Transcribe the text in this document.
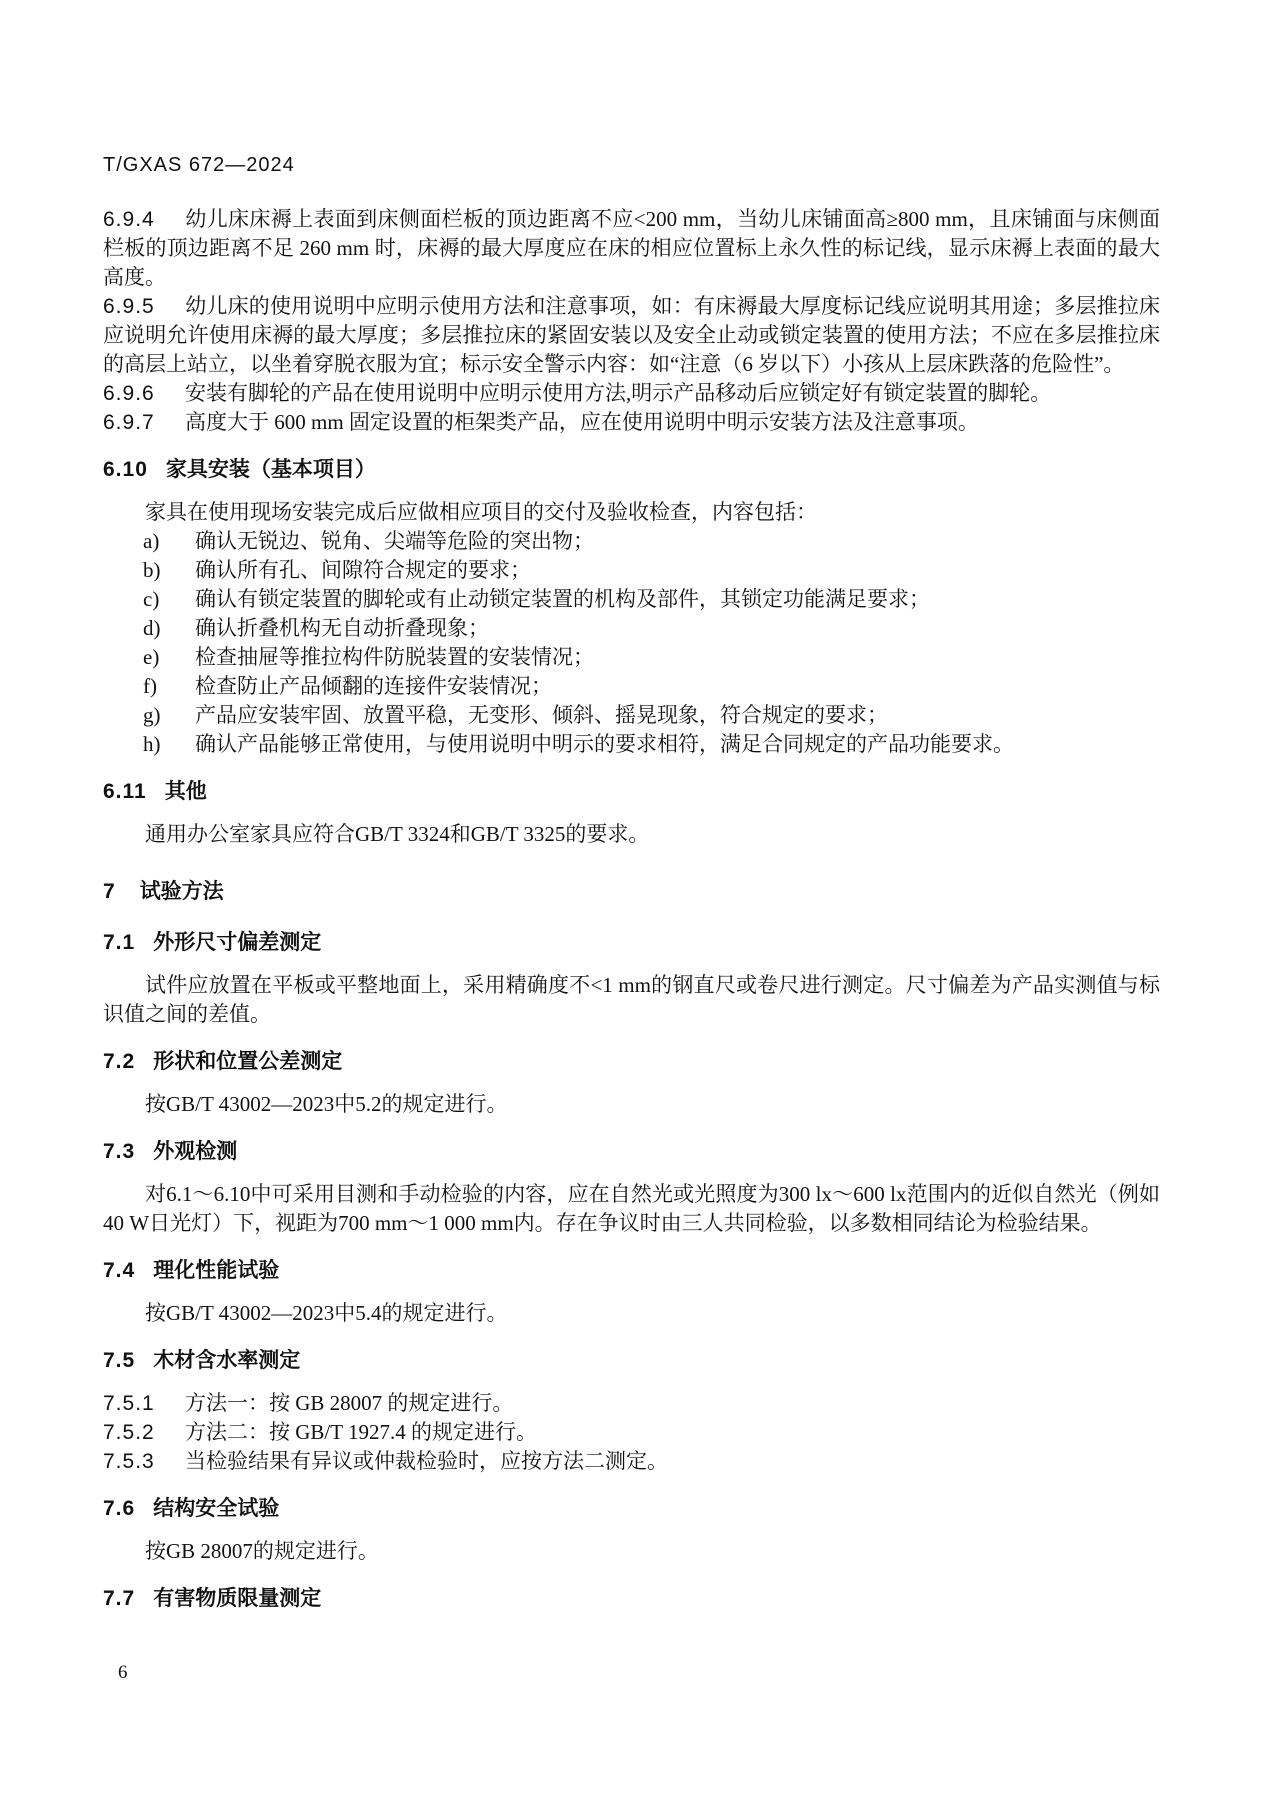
T/GXAS 672—2024

6.9.4 幼儿床床褥上表面到床侧面栏板的顶边距离不应<200 mm，当幼儿床铺面高≥800 mm，且床铺面与床侧面栏板的顶边距离不足 260 mm 时，床褥的最大厚度应在床的相应位置标上永久性的标记线，显示床褥上表面的最大高度。

6.9.5 幼儿床的使用说明中应明示使用方法和注意事项，如：有床褥最大厚度标记线应说明其用途；多层推拉床应说明允许使用床褥的最大厚度；多层推拉床的紧固安装以及安全止动或锁定装置的使用方法；不应在多层推拉床的高层上站立，以坐着穿脱衣服为宜；标示安全警示内容：如“注意（6 岁以下）小孩从上层床跌落的危险性”。

6.9.6 安装有脚轮的产品在使用说明中应明示使用方法,明示产品移动后应锁定好有锁定装置的脚轮。

6.9.7 高度大于 600 mm 固定设置的柜架类产品，应在使用说明中明示安装方法及注意事项。

6.10 家具安装（基本项目）

家具在使用现场安装完成后应做相应项目的交付及验收检查，内容包括：

a) 确认无锐边、锐角、尖端等危险的突出物；

b) 确认所有孔、间隙符合规定的要求；

c) 确认有锁定装置的脚轮或有止动锁定装置的机构及部件，其锁定功能满足要求；

d) 确认折叠机构无自动折叠现象；

e) 检查抽屉等推拉构件防脱装置的安装情况；

f) 检查防止产品倾翻的连接件安装情况；

g) 产品应安装牢固、放置平稳，无变形、倾斜、摇晃现象，符合规定的要求；

h) 确认产品能够正常使用，与使用说明中明示的要求相符，满足合同规定的产品功能要求。

6.11 其他

通用办公室家具应符合GB/T 3324和GB/T 3325的要求。

7 试验方法

7.1 外形尺寸偏差测定

试件应放置在平板或平整地面上，采用精确度不<1 mm的钢直尺或卷尺进行测定。尺寸偏差为产品实测值与标识值之间的差值。

7.2 形状和位置公差测定

按GB/T 43002—2023中5.2的规定进行。

7.3 外观检测

对6.1～6.10中可采用目测和手动检验的内容，应在自然光或光照度为300 lx～600 lx范围内的近似自然光（例如40 W日光灯）下，视距为700 mm～1 000 mm内。存在争议时由三人共同检验，以多数相同结论为检验结果。

7.4 理化性能试验

按GB/T 43002—2023中5.4的规定进行。

7.5 木材含水率测定

7.5.1 方法一：按 GB 28007 的规定进行。

7.5.2 方法二：按 GB/T 1927.4 的规定进行。

7.5.3 当检验结果有异议或仲裁检验时，应按方法二测定。

7.6 结构安全试验

按GB 28007的规定进行。

7.7 有害物质限量测定

6
